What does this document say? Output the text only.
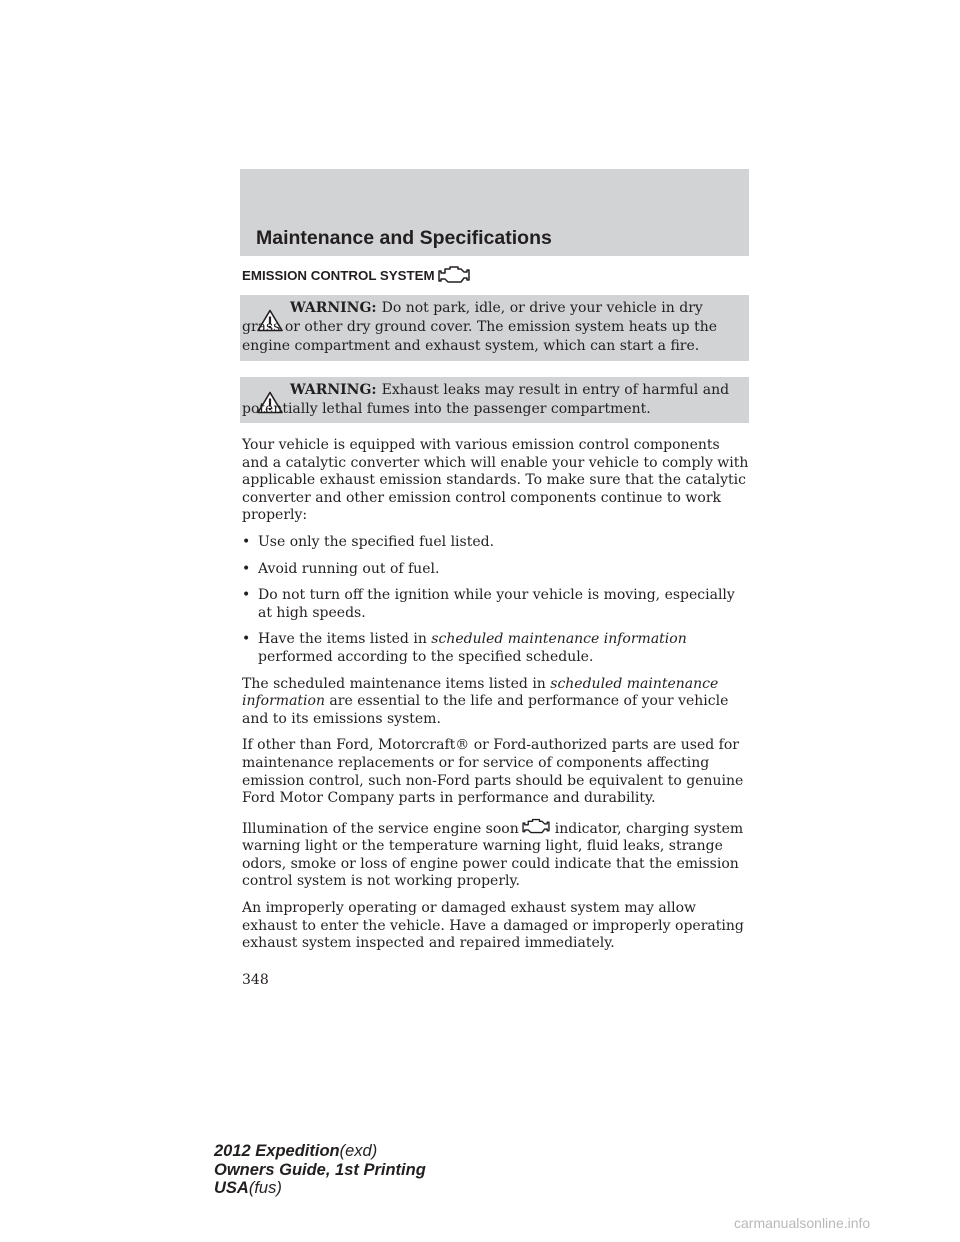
Maintenance and Specifications
EMISSION CONTROL SYSTEM
WARNING: Do not park, idle, or drive your vehicle in dry grass or other dry ground cover. The emission system heats up the engine compartment and exhaust system, which can start a fire.
WARNING: Exhaust leaks may result in entry of harmful and potentially lethal fumes into the passenger compartment.

Your vehicle is equipped with various emission control components and a catalytic converter which will enable your vehicle to comply with applicable exhaust emission standards. To make sure that the catalytic converter and other emission control components continue to work properly:

• Use only the specified fuel listed.
• Avoid running out of fuel.
• Do not turn off the ignition while your vehicle is moving, especially at high speeds.
• Have the items listed in scheduled maintenance information performed according to the specified schedule.

The scheduled maintenance items listed in scheduled maintenance information are essential to the life and performance of your vehicle and to its emissions system.

If other than Ford, Motorcraft® or Ford-authorized parts are used for maintenance replacements or for service of components affecting emission control, such non-Ford parts should be equivalent to genuine Ford Motor Company parts in performance and durability.

Illumination of the service engine soon	indicator, charging system warning light or the temperature warning light, fluid leaks, strange odors, smoke or loss of engine power could indicate that the emission control system is not working properly.

An improperly operating or damaged exhaust system may allow exhaust to enter the vehicle. Have a damaged or improperly operating exhaust system inspected and repaired immediately.

348
2012 Expedition(exd)
Owners Guide, 1st Printing
USA(fus)
carmanualsonline.info
